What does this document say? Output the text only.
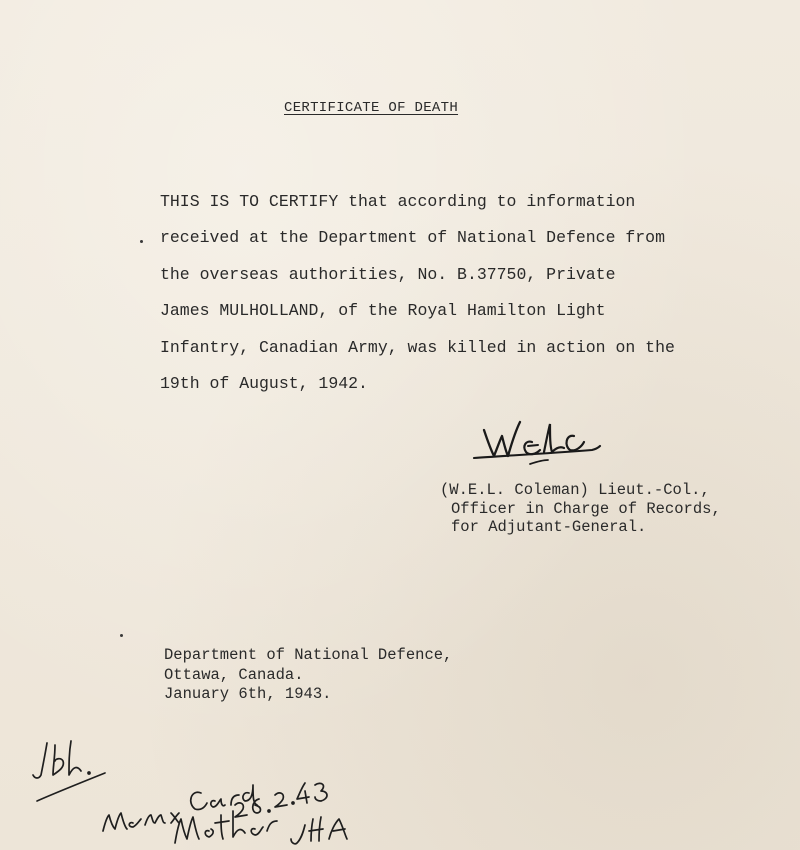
CERTIFICATE OF DEATH
THIS IS TO CERTIFY that according to information
received at the Department of National Defence from
the overseas authorities, No. B.37750, Private
James MULHOLLAND, of the Royal Hamilton Light
Infantry, Canadian Army, was killed in action on the
19th of August, 1942.
(W.E.L. Coleman) Lieut.-Col.,
Officer in Charge of Records,
for Adjutant-General.
Department of National Defence,
Ottawa, Canada.
January 6th, 1943.
